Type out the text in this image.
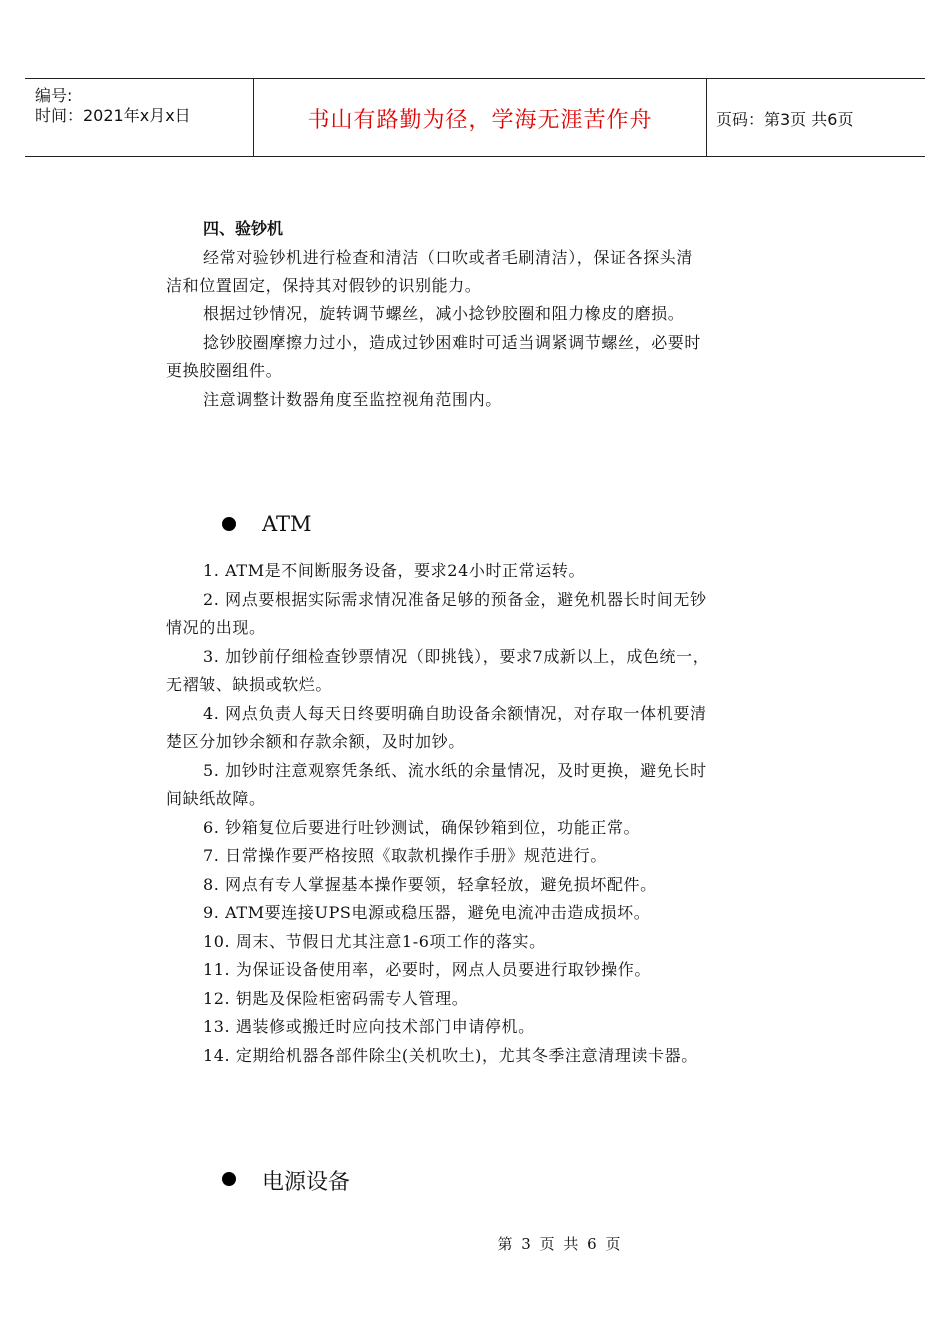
编号:
时间：2021年x月x日	书山有路勤为径，学海无涯苦作舟	页码：第3页 共6页
四、验钞机
经常对验钞机进行检查和清洁（口吹或者毛刷清洁），保证各探头清
洁和位置固定，保持其对假钞的识别能力。
根据过钞情况，旋转调节螺丝，减小捻钞胶圈和阻力橡皮的磨损。
捻钞胶圈摩擦力过小，造成过钞困难时可适当调紧调节螺丝，必要时
更换胶圈组件。
注意调整计数器角度至监控视角范围内。
ATM
1. ATM是不间断服务设备，要求24小时正常运转。
2. 网点要根据实际需求情况准备足够的预备金，避免机器长时间无钞
情况的出现。
3. 加钞前仔细检查钞票情况（即挑钱），要求7成新以上，成色统一，
无褶皱、缺损或软烂。
4. 网点负责人每天日终要明确自助设备余额情况，对存取一体机要清
楚区分加钞余额和存款余额，及时加钞。
5. 加钞时注意观察凭条纸、流水纸的余量情况，及时更换，避免长时
间缺纸故障。
6. 钞箱复位后要进行吐钞测试，确保钞箱到位，功能正常。
7. 日常操作要严格按照《取款机操作手册》规范进行。
8. 网点有专人掌握基本操作要领，轻拿轻放，避免损坏配件。
9. ATM要连接UPS电源或稳压器，避免电流冲击造成损坏。
10. 周末、节假日尤其注意1-6项工作的落实。
11. 为保证设备使用率，必要时，网点人员要进行取钞操作。
12. 钥匙及保险柜密码需专人管理。
13. 遇装修或搬迁时应向技术部门申请停机。
14. 定期给机器各部件除尘(关机吹土)，尤其冬季注意清理读卡器。
电源设备
第 3 页 共 6 页
